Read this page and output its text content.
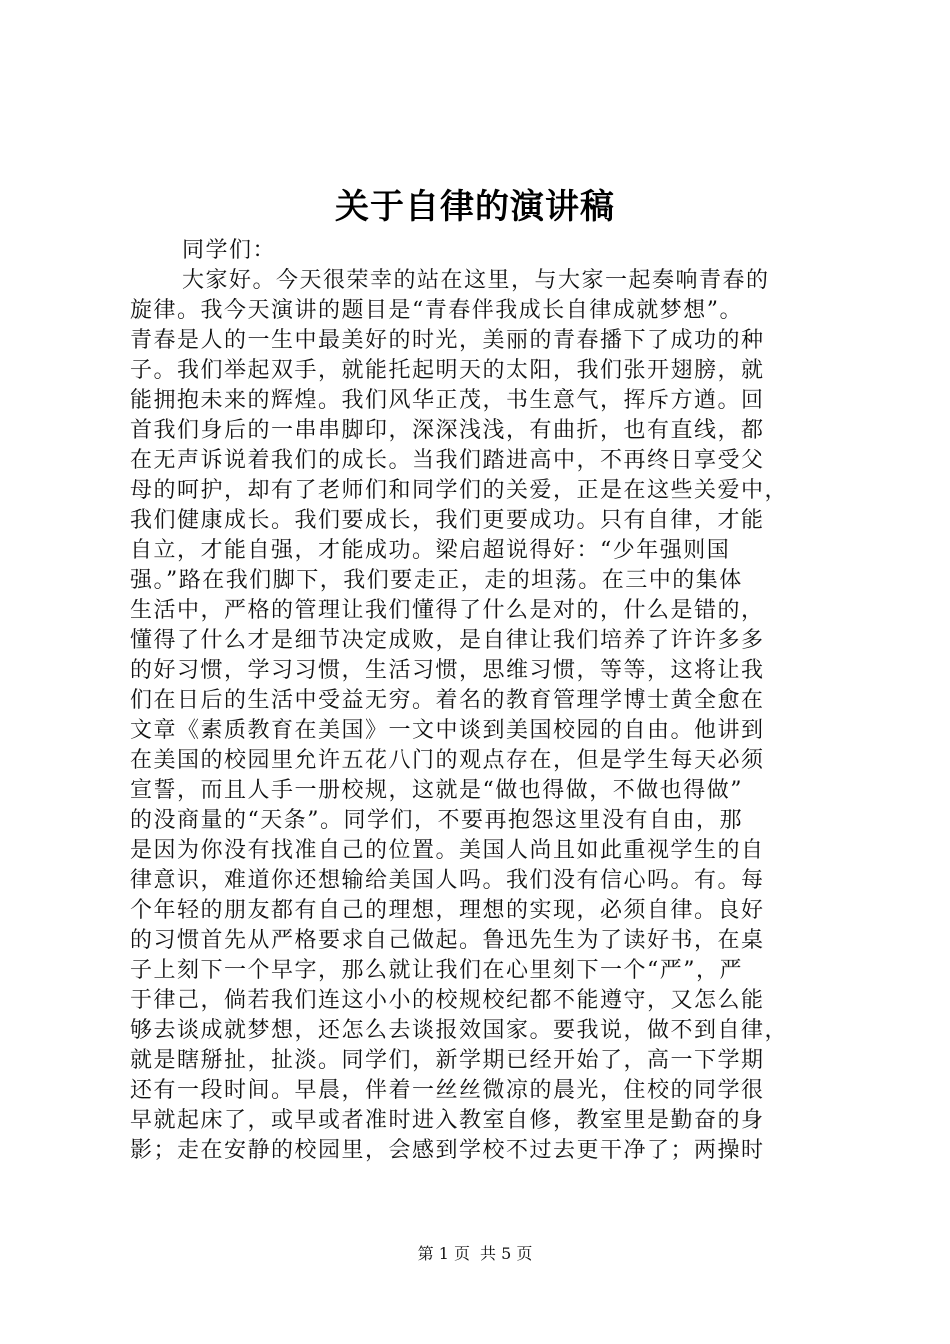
关于自律的演讲稿
同学们：
大家好。今天很荣幸的站在这里，与大家一起奏响青春的
旋律。我今天演讲的题目是“青春伴我成长自律成就梦想”。
青春是人的一生中最美好的时光，美丽的青春播下了成功的种
子。我们举起双手，就能托起明天的太阳，我们张开翅膀，就
能拥抱未来的辉煌。我们风华正茂，书生意气，挥斥方遒。回
首我们身后的一串串脚印，深深浅浅，有曲折，也有直线，都
在无声诉说着我们的成长。当我们踏进高中，不再终日享受父
母的呵护，却有了老师们和同学们的关爱，正是在这些关爱中，
我们健康成长。我们要成长，我们更要成功。只有自律，才能
自立，才能自强，才能成功。梁启超说得好：“少年强则国
强。”路在我们脚下，我们要走正，走的坦荡。在三中的集体
生活中，严格的管理让我们懂得了什么是对的，什么是错的，
懂得了什么才是细节决定成败，是自律让我们培养了许许多多
的好习惯，学习习惯，生活习惯，思维习惯，等等，这将让我
们在日后的生活中受益无穷。着名的教育管理学博士黄全愈在
文章《素质教育在美国》一文中谈到美国校园的自由。他讲到
在美国的校园里允许五花八门的观点存在，但是学生每天必须
宣誓，而且人手一册校规，这就是“做也得做，不做也得做”
的没商量的“天条”。同学们，不要再抱怨这里没有自由，那
是因为你没有找准自己的位置。美国人尚且如此重视学生的自
律意识，难道你还想输给美国人吗。我们没有信心吗。有。每
个年轻的朋友都有自己的理想，理想的实现，必须自律。良好
的习惯首先从严格要求自己做起。鲁迅先生为了读好书，在桌
子上刻下一个早字，那么就让我们在心里刻下一个“严”，严
于律己，倘若我们连这小小的校规校纪都不能遵守，又怎么能
够去谈成就梦想，还怎么去谈报效国家。要我说，做不到自律，
就是瞎掰扯，扯淡。同学们，新学期已经开始了，高一下学期
还有一段时间。早晨，伴着一丝丝微凉的晨光，住校的同学很
早就起床了，或早或者准时进入教室自修，教室里是勤奋的身
影；走在安静的校园里，会感到学校不过去更干净了；两操时
第 1 页 共 5 页
